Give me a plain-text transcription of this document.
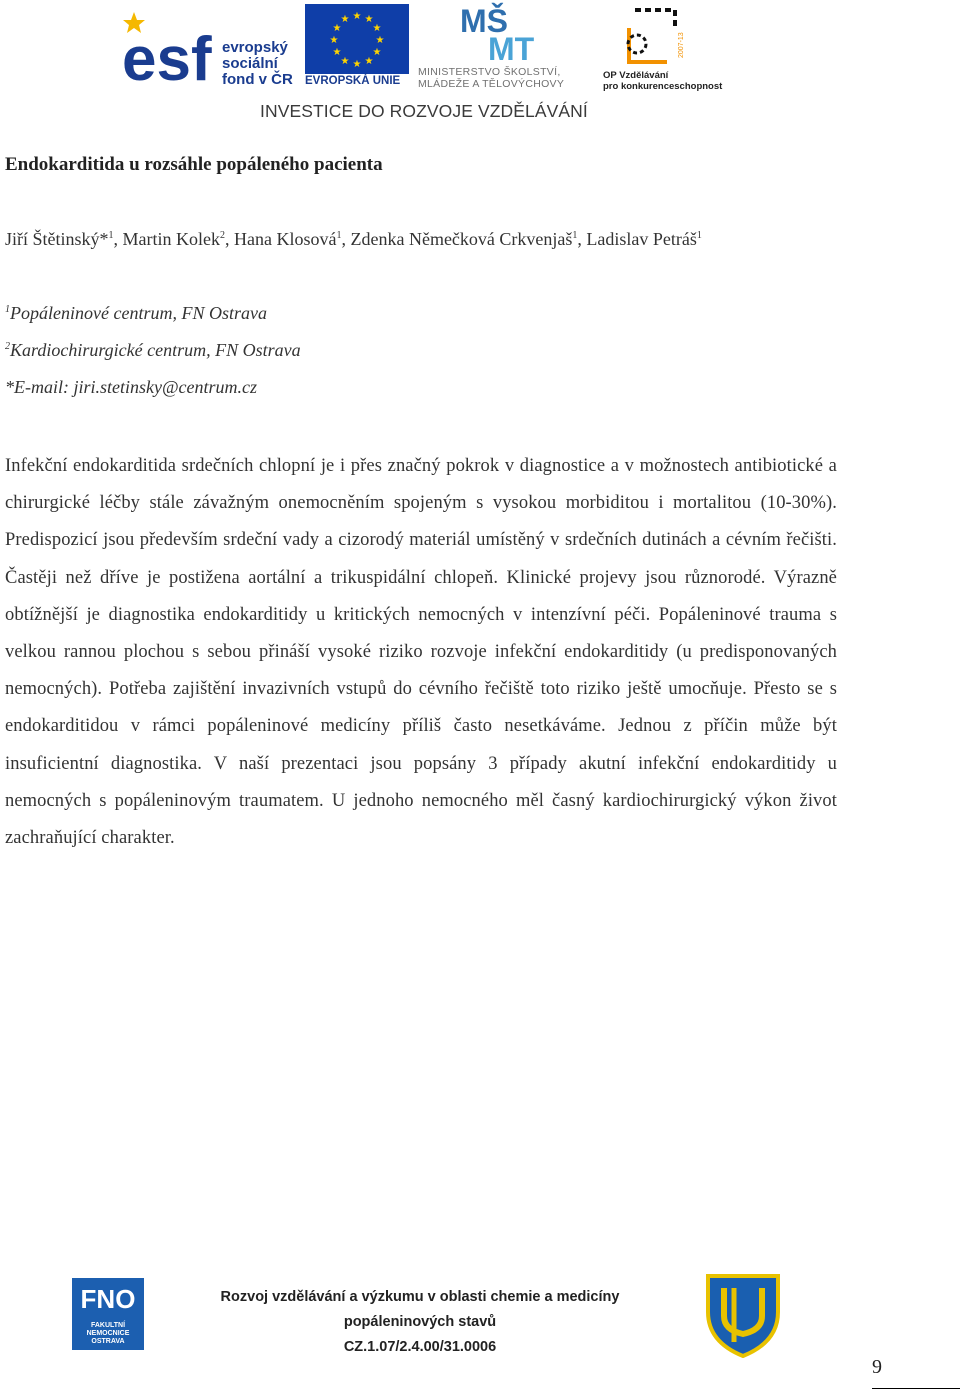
esf evropský
sociální
fond v ČR
★ ★
★
★
★
★
★
★
★
★
★
★
EVROPSKÁ UNIE
MŠ
MT
MINISTERSTVO ŠKOLSTVÍ,
MLÁDEŽE A TĚLOVÝCHOVY
2007-13
OP Vzdělávání
pro konkurenceschopnost
INVESTICE DO ROZVOJE VZDĚLÁVÁNÍ
Endokarditida u rozsáhle popáleného pacienta
Jiří Štětinský*$^1$, Martin Kolek$^2$, Hana Klosová$^1$, Zdenka Němečková Crkvenjaš$^1$, Ladislav Petráš$^1$
$^1$Popáleninové centrum, FN Ostrava
$^2$Kardiochirurgické centrum, FN Ostrava
*E-mail: jiri.stetinsky@centrum.cz

Infekční endokarditida srdečních chlopní je i přes značný pokrok v diagnostice a v možnostech antibiotické a chirurgické léčby stále závažným onemocněním spojeným s vysokou morbiditou i mortalitou (10-30%). Predispozicí jsou především srdeční vady a cizorodý materiál umístěný v srdečních dutinách a cévním řečišti. Častěji než dříve je postižena aortální a trikuspidální chlopeň. Klinické projevy jsou různorodé. Výrazně obtížnější je diagnostika endokarditidy u kritických nemocných v intenzívní péči. Popáleninové trauma s velkou rannou plochou s sebou přináší vysoké riziko rozvoje infekční endokarditidy (u predisponovaných nemocných). Potřeba zajištění invazivních vstupů do cévního řečiště toto riziko ještě umocňuje. Přesto se s endokarditidou v rámci popáleninové medicíny příliš často nesetkáváme. Jednou z příčin může být insuficientní diagnostika. V naší prezentaci jsou popsány 3 případy akutní infekční endokarditidy u nemocných s popáleninovým traumatem. U jednoho nemocného měl časný kardiochirurgický výkon život zachraňující charakter.

FNO
FAKULTNÍ
NEMOCNICE
OSTRAVA
Rozvoj vzdělávání a výzkumu v oblasti chemie a medicíny
popáleninových stavů
CZ.1.07/2.4.00/31.0006
9
